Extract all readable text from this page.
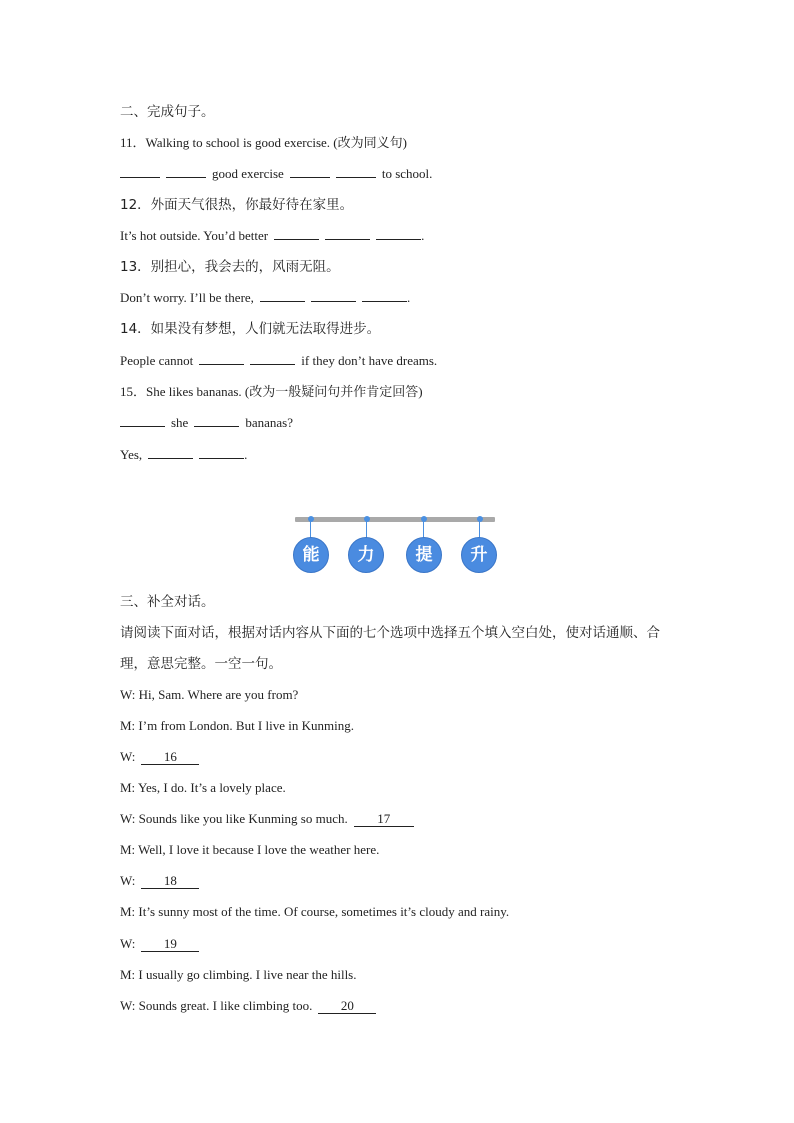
二、完成句子。
11．Walking to school is good exercise. (改为同义句)
good exercise	to school.
12．外面天气很热，你最好待在家里。
It’s hot outside. You’d better	.
13．别担心，我会去的，风雨无阻。
Don’t worry. I’ll be there,	.
14．如果没有梦想，人们就无法取得进步。
People cannot	if they don’t have dreams.
15．She likes bananas. (改为一般疑问句并作肯定回答)
she	bananas?
Yes,	.
能	力	提	升
三、补全对话。
请阅读下面对话，根据对话内容从下面的七个选项中选择五个填入空白处，使对话通顺、合
理，意思完整。一空一句。
W: Hi, Sam. Where are you from?
M: I’m from London. But I live in Kunming.
W: 16
M: Yes, I do. It’s a lovely place.
W: Sounds like you like Kunming so much. 17
M: Well, I love it because I love the weather here.
W: 18
M: It’s sunny most of the time. Of course, sometimes it’s cloudy and rainy.
W: 19
M: I usually go climbing. I live near the hills.
W: Sounds great. I like climbing too. 20
